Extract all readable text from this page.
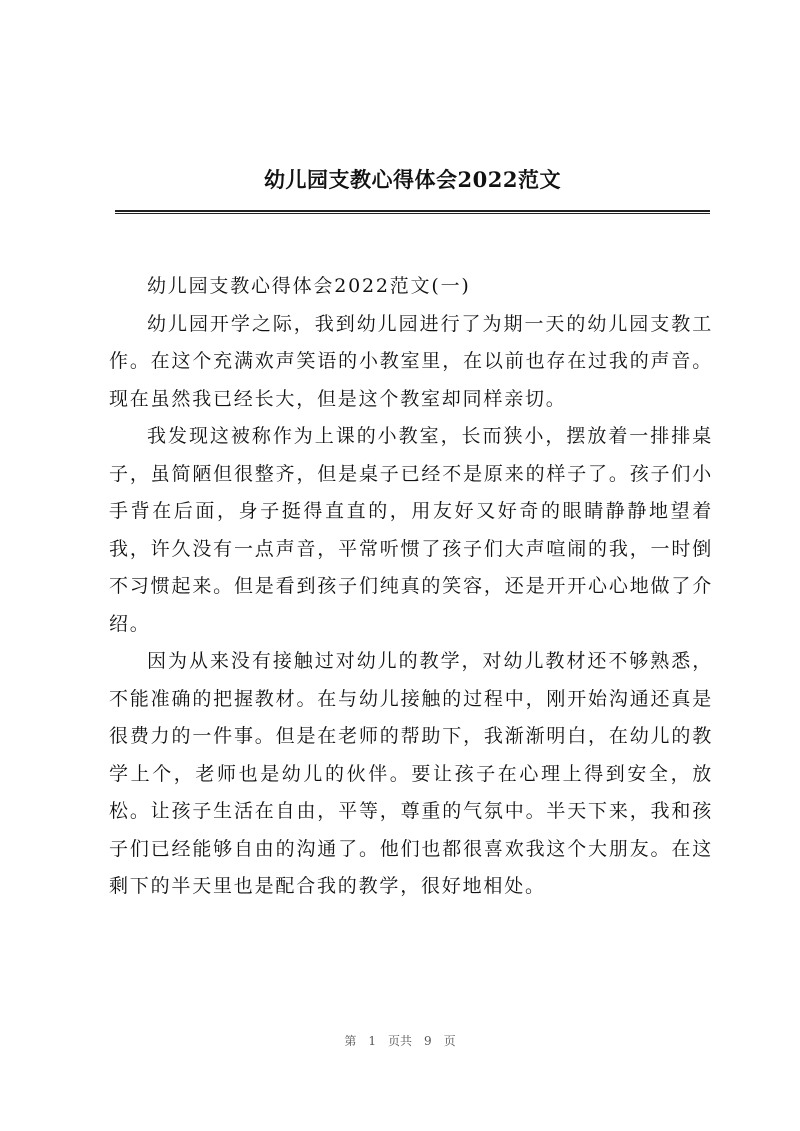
幼儿园支教心得体会2022范文

幼儿园支教心得体会2022范文(一)

幼儿园开学之际，我到幼儿园进行了为期一天的幼儿园支教工作。在这个充满欢声笑语的小教室里，在以前也存在过我的声音。现在虽然我已经长大，但是这个教室却同样亲切。

我发现这被称作为上课的小教室，长而狭小，摆放着一排排桌子，虽简陋但很整齐，但是桌子已经不是原来的样子了。孩子们小手背在后面，身子挺得直直的，用友好又好奇的眼睛静静地望着我，许久没有一点声音，平常听惯了孩子们大声喧闹的我，一时倒不习惯起来。但是看到孩子们纯真的笑容，还是开开心心地做了介绍。

因为从来没有接触过对幼儿的教学，对幼儿教材还不够熟悉，不能准确的把握教材。在与幼儿接触的过程中，刚开始沟通还真是很费力的一件事。但是在老师的帮助下，我渐渐明白，在幼儿的教学上个，老师也是幼儿的伙伴。要让孩子在心理上得到安全，放松。让孩子生活在自由，平等，尊重的气氛中。半天下来，我和孩子们已经能够自由的沟通了。他们也都很喜欢我这个大朋友。在这剩下的半天里也是配合我的教学，很好地相处。

第 1 页共 9 页
